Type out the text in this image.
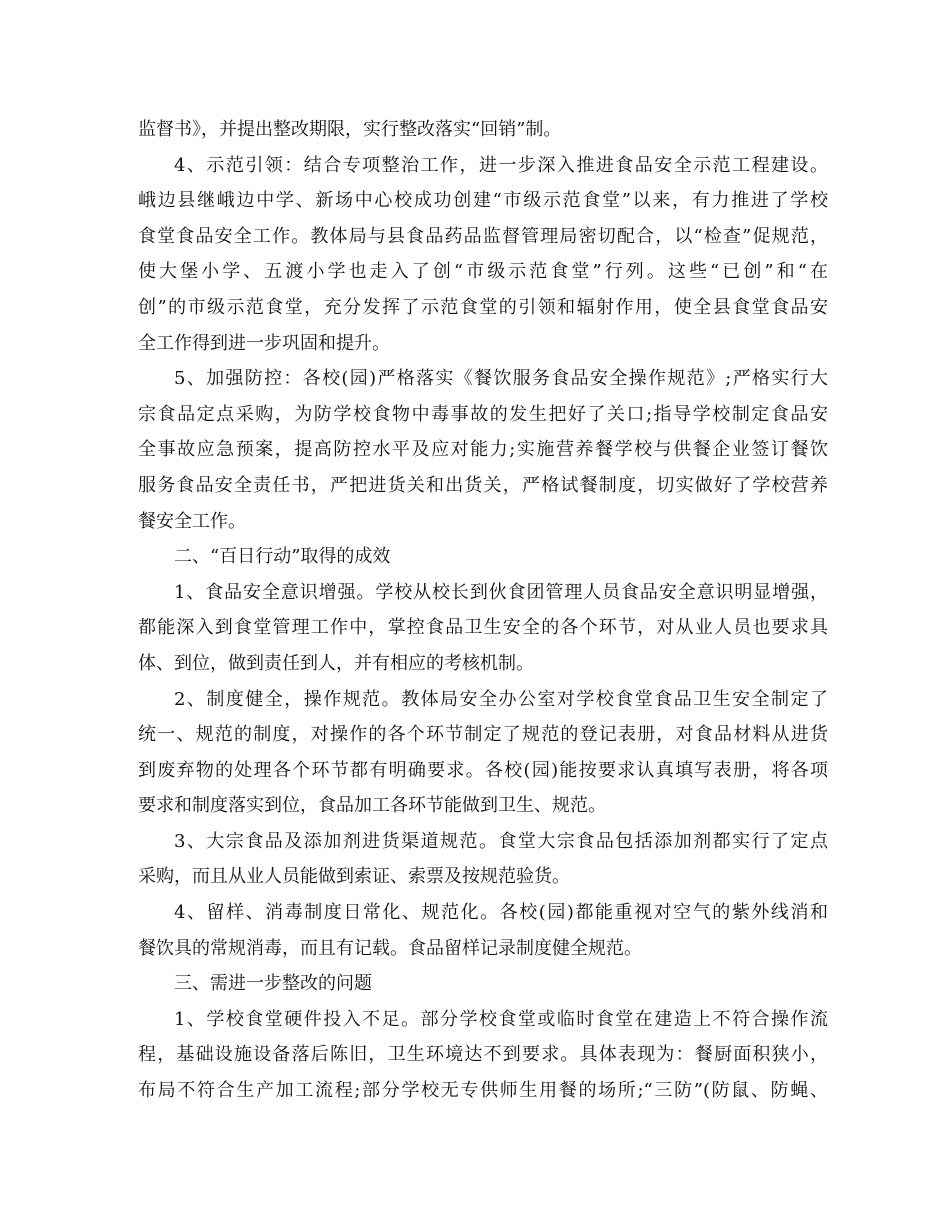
监督书》，并提出整改期限，实行整改落实“回销”制。
4、示范引领：结合专项整治工作，进一步深入推进食品安全示范工程建设。
峨边县继峨边中学、新场中心校成功创建“市级示范食堂”以来，有力推进了学校
食堂食品安全工作。教体局与县食品药品监督管理局密切配合，以“检查”促规范，
使大堡小学、五渡小学也走入了创“市级示范食堂”行列。这些“已创”和“在
创”的市级示范食堂，充分发挥了示范食堂的引领和辐射作用，使全县食堂食品安
全工作得到进一步巩固和提升。
5、加强防控：各校(园)严格落实《餐饮服务食品安全操作规范》;严格实行大
宗食品定点采购，为防学校食物中毒事故的发生把好了关口;指导学校制定食品安
全事故应急预案，提高防控水平及应对能力;实施营养餐学校与供餐企业签订餐饮
服务食品安全责任书，严把进货关和出货关，严格试餐制度，切实做好了学校营养
餐安全工作。
二、“百日行动”取得的成效
1、食品安全意识增强。学校从校长到伙食团管理人员食品安全意识明显增强，
都能深入到食堂管理工作中，掌控食品卫生安全的各个环节，对从业人员也要求具
体、到位，做到责任到人，并有相应的考核机制。
2、制度健全，操作规范。教体局安全办公室对学校食堂食品卫生安全制定了
统一、规范的制度，对操作的各个环节制定了规范的登记表册，对食品材料从进货
到废弃物的处理各个环节都有明确要求。各校(园)能按要求认真填写表册，将各项
要求和制度落实到位，食品加工各环节能做到卫生、规范。
3、大宗食品及添加剂进货渠道规范。食堂大宗食品包括添加剂都实行了定点
采购，而且从业人员能做到索证、索票及按规范验货。
4、留样、消毒制度日常化、规范化。各校(园)都能重视对空气的紫外线消和
餐饮具的常规消毒，而且有记载。食品留样记录制度健全规范。
三、需进一步整改的问题
1、学校食堂硬件投入不足。部分学校食堂或临时食堂在建造上不符合操作流
程，基础设施设备落后陈旧，卫生环境达不到要求。具体表现为：餐厨面积狭小，
布局不符合生产加工流程;部分学校无专供师生用餐的场所;“三防”(防鼠、防蝇、
